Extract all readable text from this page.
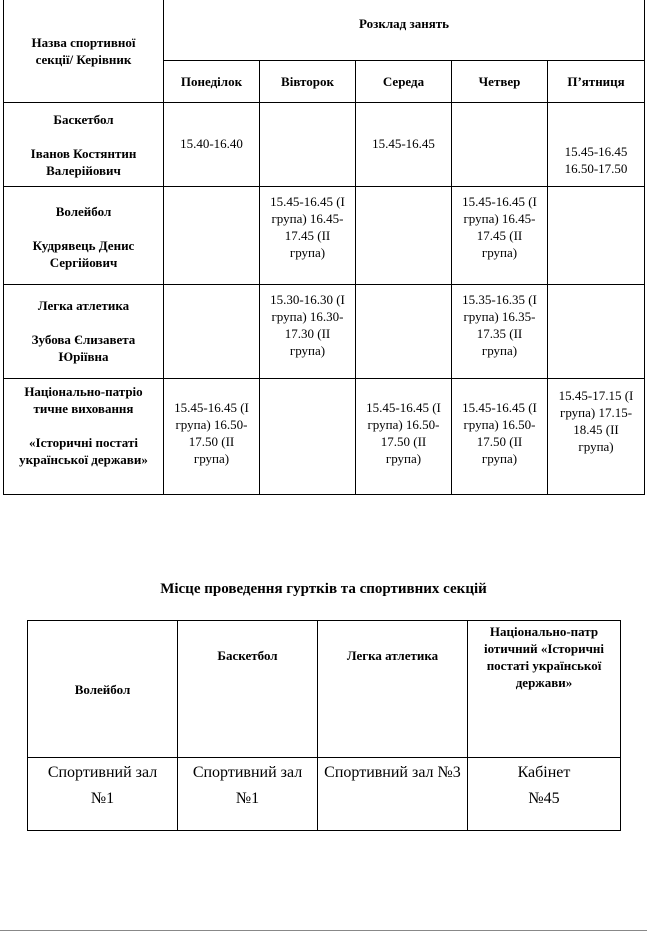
Назва спортивної секції/ Керівник	Розклад занять				
	Понеділок	Вівторок	Середа	Четвер	П’ятниця

Баскетбол
Іванов Костянтин Валерійович	15.40-16.40		15.45-16.45		15.45-16.45 16.50-17.50

Волейбол
Кудрявець Денис Сергійович		15.45-16.45 (І група) 16.45-17.45 (ІІ група)		15.45-16.45 (І група) 16.45-17.45 (ІІ група)	

Легка атлетика
Зубова Єлизавета Юріївна		15.30-16.30 (І група) 16.30-17.30 (ІІ група)		15.35-16.35 (І група) 16.35-17.35 (ІІ група)	

Національно-патріо тичне виховання
«Історичні постаті української держави»	15.45-16.45 (І група) 16.50-17.50 (ІІ група)		15.45-16.45 (І група) 16.50-17.50 (ІІ група)	15.45-16.45 (І група) 16.50-17.50 (ІІ група)	15.45-17.15 (І група) 17.15-18.45 (ІІ група)
Місце проведення гуртків та спортивних секцій
Волейбол	Баскетбол	Легка атлетика	Національно-патр іотичний «Історичні постаті української держави»

Спортивний зал №1	Спортивний зал №1	Спортивний зал №3	Кабінет №45
